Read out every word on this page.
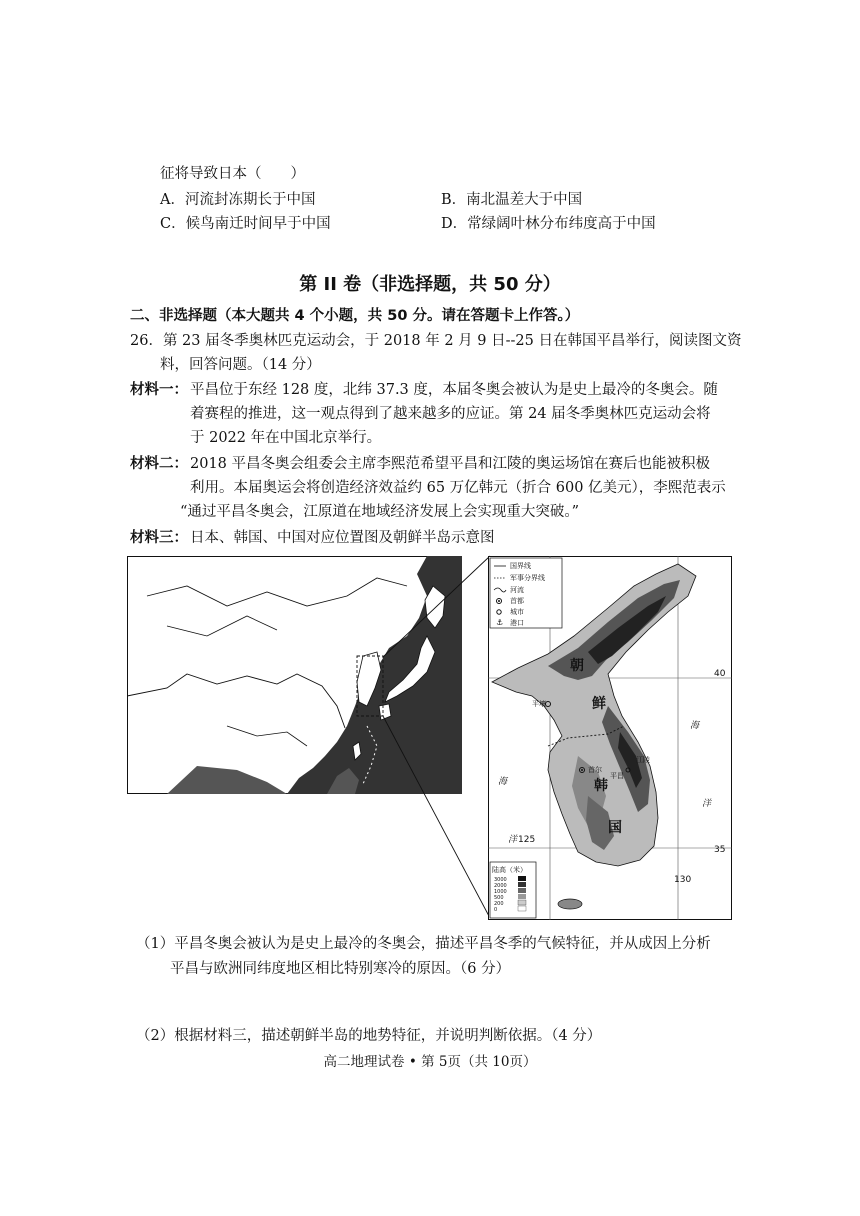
征将导致日本（　　）
A．河流封冻期长于中国	B．南北温差大于中国
C．候鸟南迁时间早于中国	D．常绿阔叶林分布纬度高于中国
第 II 卷（非选择题，共 50 分）
二、非选择题（本大题共 4 个小题，共 50 分。请在答题卡上作答。）
26．第 23 届冬季奥林匹克运动会，于 2018 年 2 月 9 日--25 日在韩国平昌举行，阅读图文资
料，回答问题。（14 分）
材料一： 平昌位于东经 128 度，北纬 37.3 度，本届冬奥会被认为是史上最冷的冬奥会。随
着赛程的推进，这一观点得到了越来越多的应证。第 24 届冬季奥林匹克运动会将
于 2022 年在中国北京举行。
材料二： 2018 平昌冬奥会组委会主席李熙范希望平昌和江陵的奥运场馆在赛后也能被积极
利用。本届奥运会将创造经济效益约 65 万亿韩元（折合 600 亿美元），李熙范表示
“通过平昌冬奥会，江原道在地域经济发展上会实现重大突破。”
材料三： 日本、韩国、中国对应位置图及朝鲜半岛示意图
国界线
军事分界线
河流
首都
城市
⚓ 港口
朝
鲜
韩
国
平壤
首尔
平昌
江陵
海
洋
海
洋
40
35
125
130
陆高（米）
3000
2000
1000
500
200
0
（1）平昌冬奥会被认为是史上最冷的冬奥会，描述平昌冬季的气候特征，并从成因上分析
平昌与欧洲同纬度地区相比特别寒冷的原因。（6 分）
（2）根据材料三，描述朝鲜半岛的地势特征，并说明判断依据。（4 分）
高二地理试卷 • 第 5页（共 10页）
